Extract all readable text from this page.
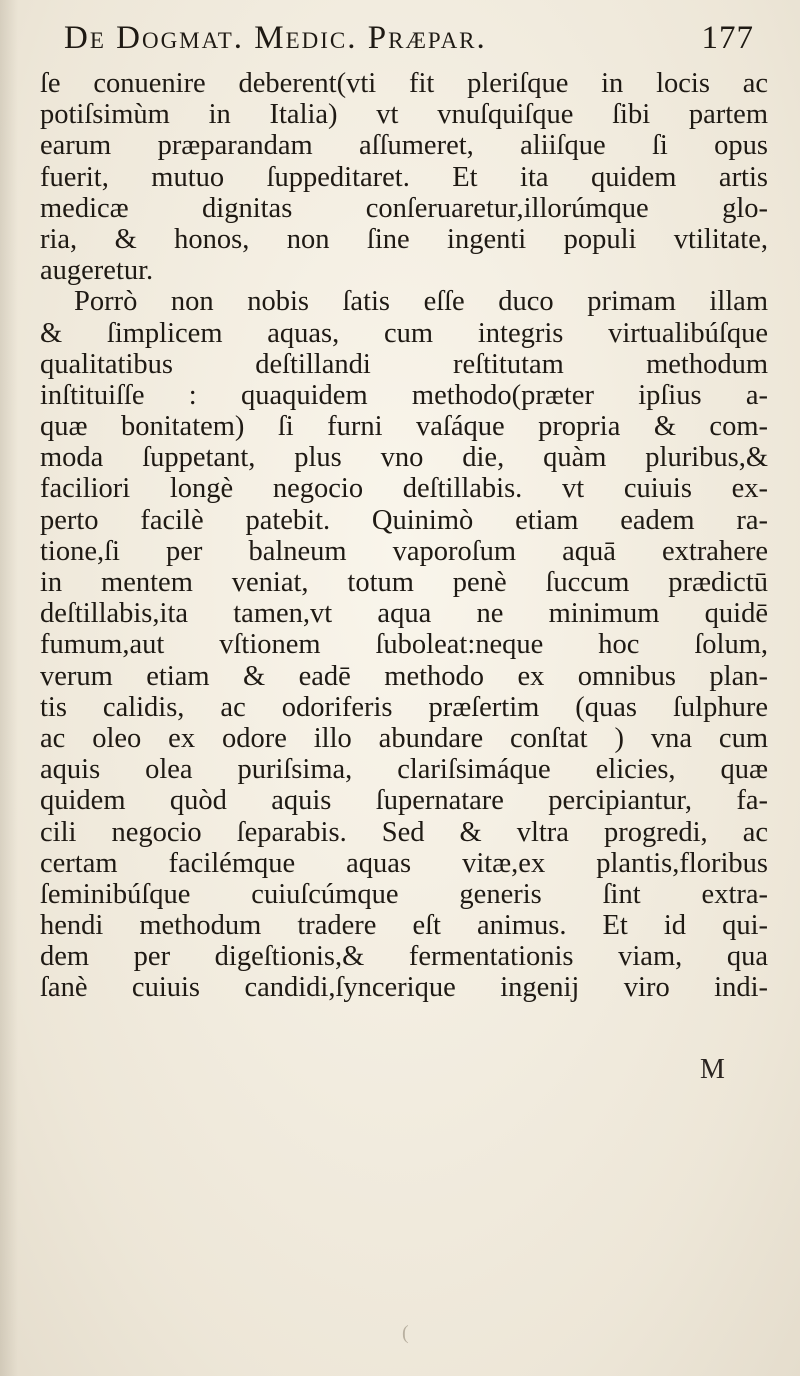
De Dogmat. Medic. Præpar.	177
ſe conuenire deberent(vti fit pleriſque in locis ac
potiſsimùm in Italia) vt vnuſquiſque ſibi partem
earum præparandam aſſumeret, aliiſque ſi opus
fuerit, mutuo ſuppeditaret. Et ita quidem artis
medicæ dignitas conſeruaretur,illorúmque glo-
ria, & honos, non ſine ingenti populi vtilitate,
augeretur.
Porrò non nobis ſatis eſſe duco primam illam
& ſimplicem aquas, cum integris virtualibúſque
qualitatibus deſtillandi reſtitutam methodum
inſtituiſſe : quaquidem methodo(præter ipſius a-
quæ bonitatem) ſi furni vaſáque propria & com-
moda ſuppetant, plus vno die, quàm pluribus,&
faciliori longè negocio deſtillabis. vt cuiuis ex-
perto facilè patebit. Quinimò etiam eadem ra-
tione,ſi per balneum vaporoſum aquā extrahere
in mentem veniat, totum penè ſuccum prædictū
deſtillabis,ita tamen,vt aqua ne minimum quidē
fumum,aut vſtionem ſuboleat:neque hoc ſolum,
verum etiam & eadē methodo ex omnibus plan-
tis calidis, ac odoriferis præſertim (quas ſulphure
ac oleo ex odore illo abundare conſtat ) vna cum
aquis olea puriſsima, clariſsimáque elicies, quæ
quidem quòd aquis ſupernatare percipiantur, fa-
cili negocio ſeparabis. Sed & vltra progredi, ac
certam facilémque aquas vitæ,ex plantis,floribus
ſeminibúſque cuiuſcúmque generis ſint extra-
hendi methodum tradere eſt animus. Et id qui-
dem per digeſtionis,& fermentationis viam, qua
ſanè cuiuis candidi,ſyncerique ingenij viro indi-
M
(
